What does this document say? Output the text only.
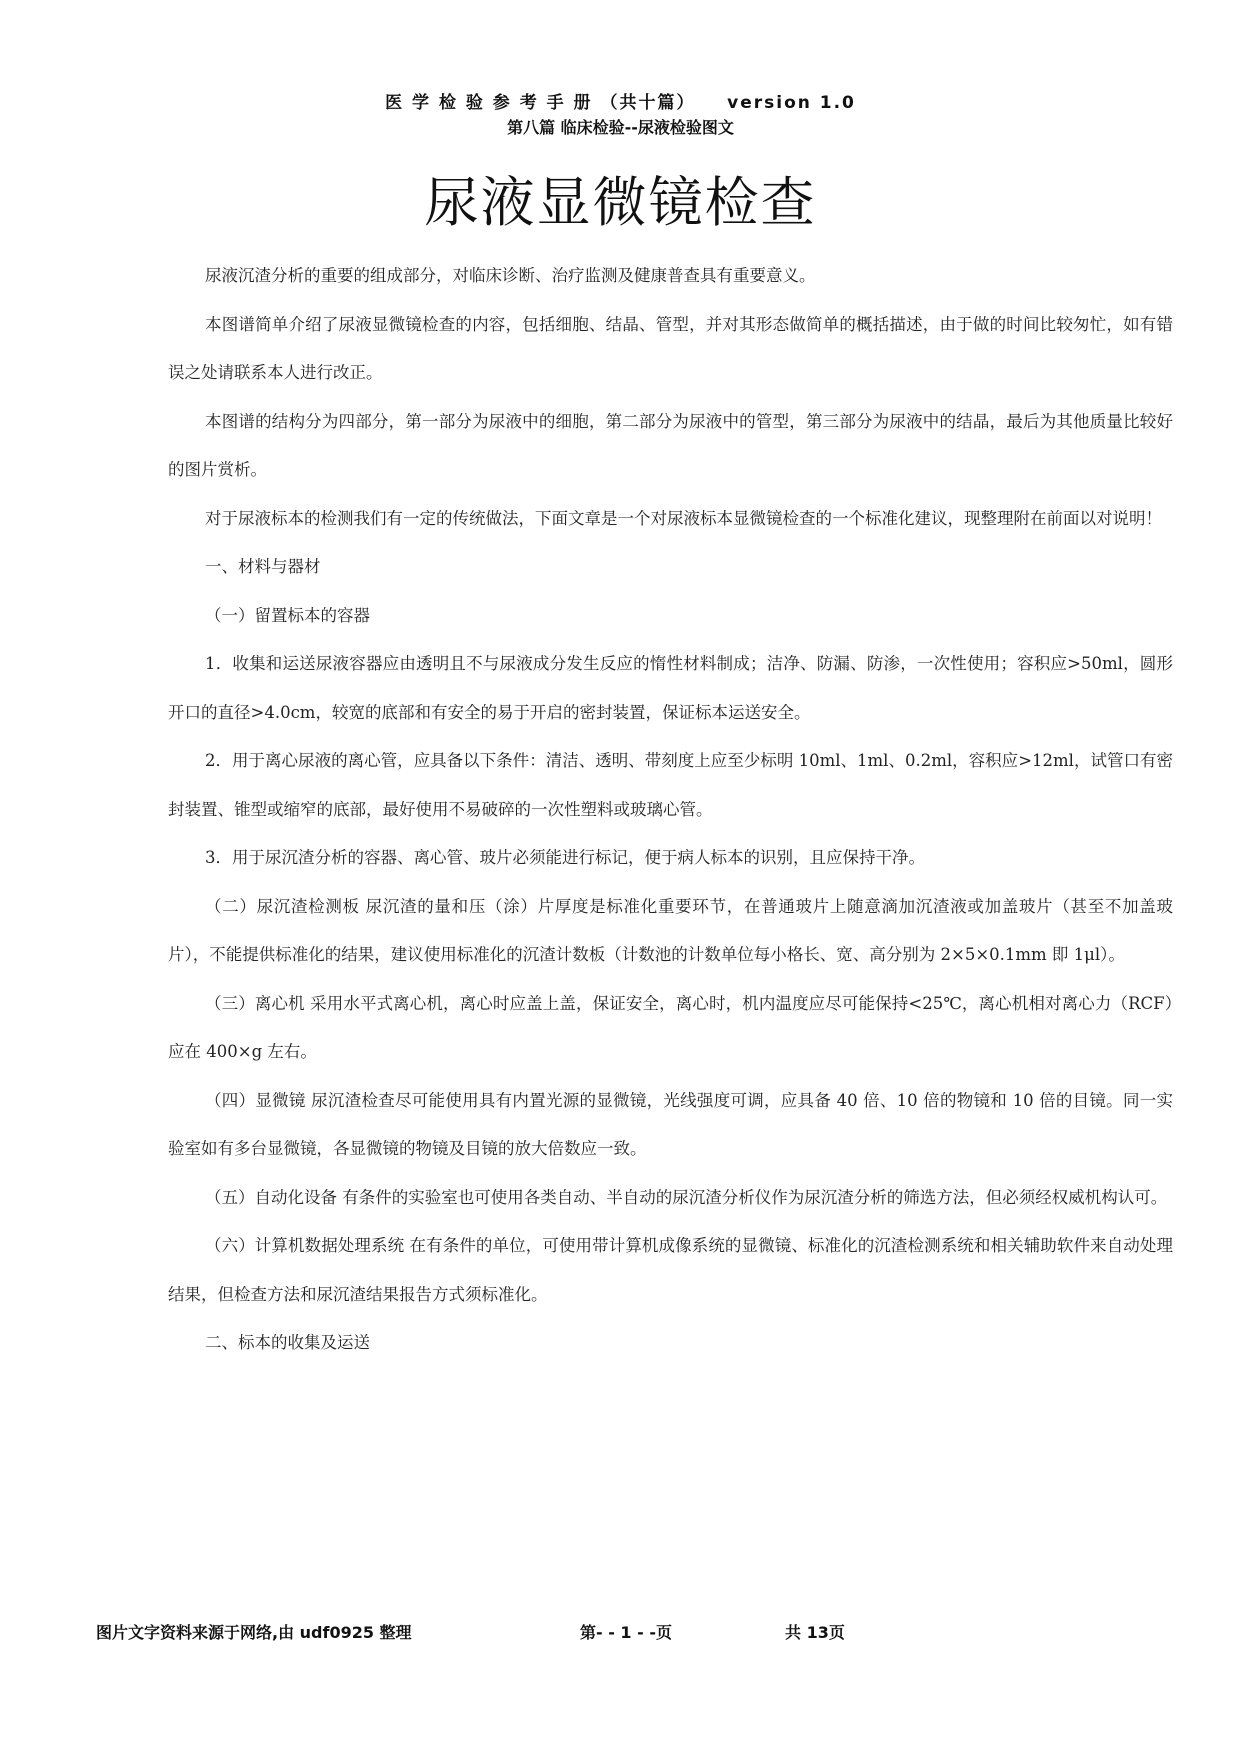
医 学 检 验 参 考 手 册 （共十篇）    version 1.0
第八篇 临床检验--尿液检验图文
尿液显微镜检查

尿液沉渣分析的重要的组成部分，对临床诊断、治疗监测及健康普查具有重要意义。

本图谱简单介绍了尿液显微镜检查的内容，包括细胞、结晶、管型，并对其形态做简单的概括描述，由于做的时间比较匆忙，如有错误之处请联系本人进行改正。

本图谱的结构分为四部分，第一部分为尿液中的细胞，第二部分为尿液中的管型，第三部分为尿液中的结晶，最后为其他质量比较好的图片赏析。

对于尿液标本的检测我们有一定的传统做法，下面文章是一个对尿液标本显微镜检查的一个标准化建议，现整理附在前面以对说明！

一、材料与器材

（一）留置标本的容器

1．收集和运送尿液容器应由透明且不与尿液成分发生反应的惰性材料制成；洁净、防漏、防渗，一次性使用；容积应>50ml，圆形开口的直径>4.0cm，较宽的底部和有安全的易于开启的密封装置，保证标本运送安全。

2．用于离心尿液的离心管，应具备以下条件：清洁、透明、带刻度上应至少标明 10ml、1ml、0.2ml，容积应>12ml，试管口有密封装置、锥型或缩窄的底部，最好使用不易破碎的一次性塑料或玻璃心管。

3．用于尿沉渣分析的容器、离心管、玻片必须能进行标记，便于病人标本的识别，且应保持干净。

（二）尿沉渣检测板 尿沉渣的量和压（涂）片厚度是标准化重要环节，在普通玻片上随意滴加沉渣液或加盖玻片（甚至不加盖玻片），不能提供标准化的结果，建议使用标准化的沉渣计数板（计数池的计数单位每小格长、宽、高分别为 2×5×0.1mm 即 1μl）。

（三）离心机 采用水平式离心机，离心时应盖上盖，保证安全，离心时，机内温度应尽可能保持<25℃，离心机相对离心力（RCF）应在 400×g 左右。

（四）显微镜 尿沉渣检查尽可能使用具有内置光源的显微镜，光线强度可调，应具备 40 倍、10 倍的物镜和 10 倍的目镜。同一实验室如有多台显微镜，各显微镜的物镜及目镜的放大倍数应一致。

（五）自动化设备 有条件的实验室也可使用各类自动、半自动的尿沉渣分析仪作为尿沉渣分析的筛选方法，但必须经权威机构认可。

（六）计算机数据处理系统 在有条件的单位，可使用带计算机成像系统的显微镜、标准化的沉渣检测系统和相关辅助软件来自动处理结果，但检查方法和尿沉渣结果报告方式须标准化。

二、标本的收集及运送

图片文字资料来源于网络,由 udf0925 整理	第- - 1 - -页	共 13页
